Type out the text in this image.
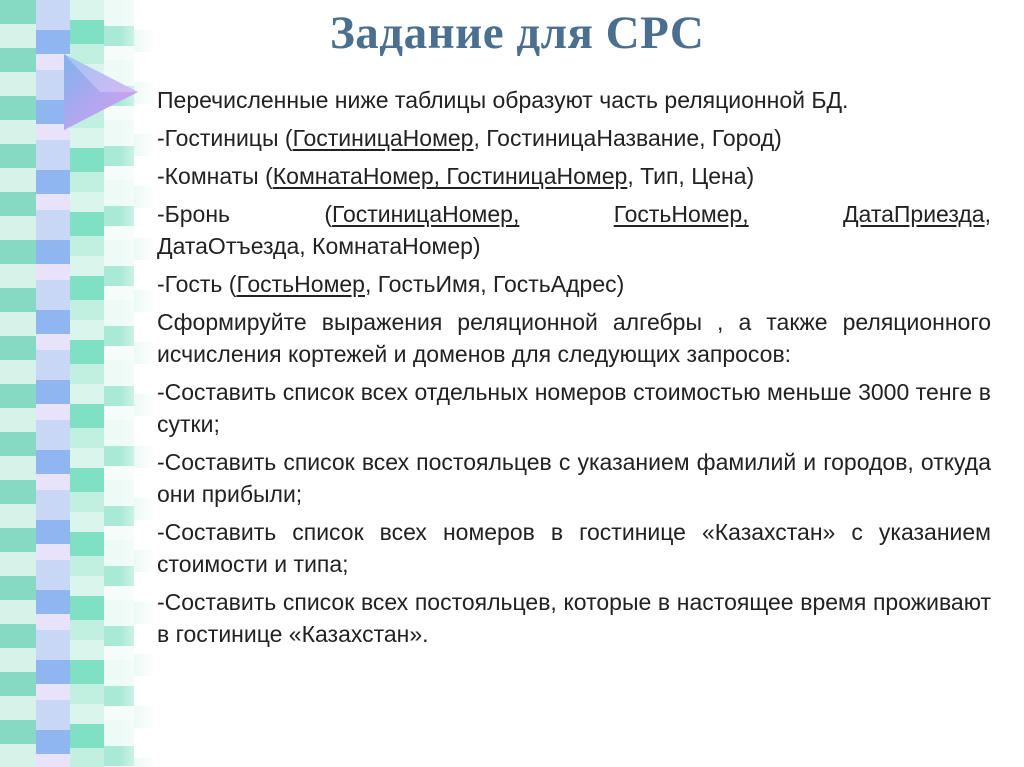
Задание для СРС

Перечисленные ниже таблицы образуют часть реляционной БД.

-Гостиницы (ГостиницаНомер, ГостиницаНазвание, Город)

-Комнаты (КомнатаНомер, ГостиницаНомер, Тип, Цена)

-Бронь	(ГостиницаНомер,	ГостьНомер,	ДатаПриезда,
ДатаОтъезда, КомнатаНомер)

-Гость (ГостьНомер, ГостьИмя, ГостьАдрес)

Сформируйте выражения реляционной алгебры , а также реляционного исчисления кортежей и доменов для следующих запросов:

-Составить список всех отдельных номеров стоимостью меньше 3000 тенге в сутки;

-Составить список всех постояльцев с указанием фамилий и городов, откуда они прибыли;

-Составить список всех номеров в гостинице «Казахстан» с указанием стоимости и типа;

-Составить список всех постояльцев, которые в настоящее время проживают в гостинице «Казахстан».
